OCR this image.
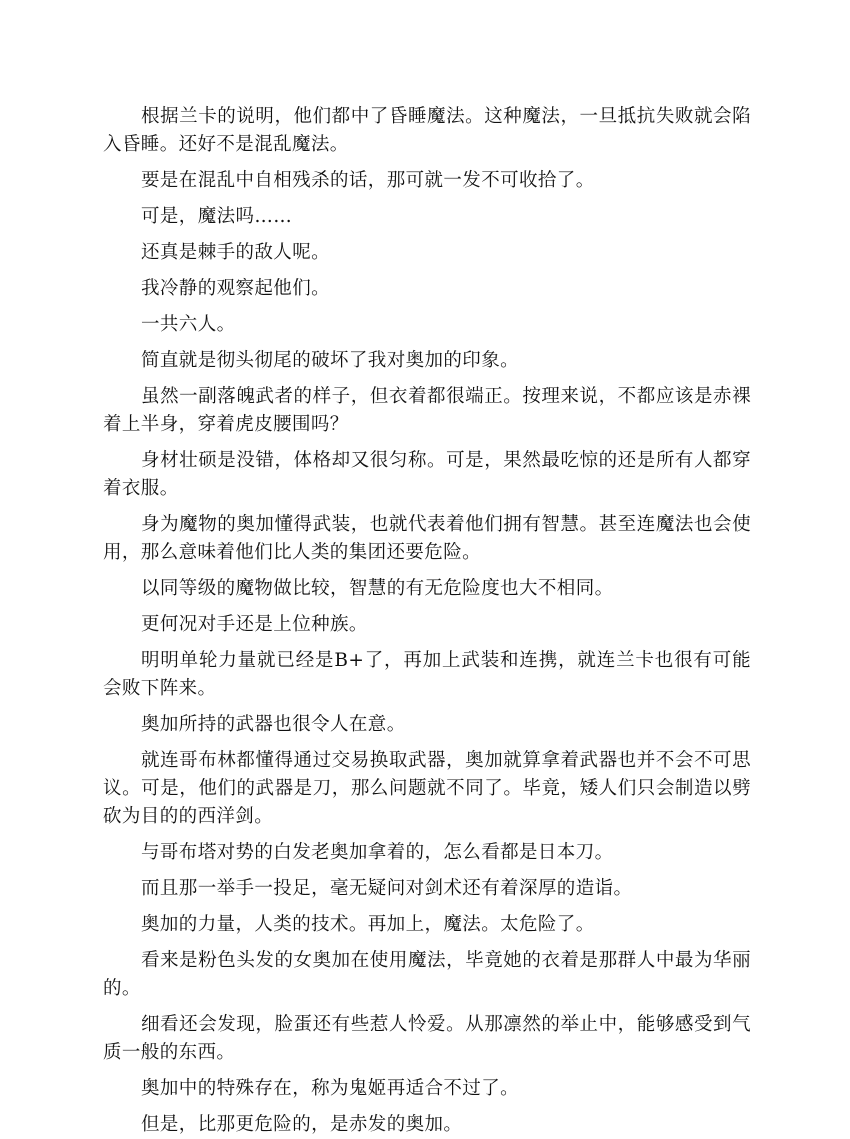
根据兰卡的说明，他们都中了昏睡魔法。这种魔法，一旦抵抗失败就会陷入昏睡。还好不是混乱魔法。

要是在混乱中自相残杀的话，那可就一发不可收拾了。

可是，魔法吗……

还真是棘手的敌人呢。

我冷静的观察起他们。

一共六人。

简直就是彻头彻尾的破坏了我对奥加的印象。

虽然一副落魄武者的样子，但衣着都很端正。按理来说，不都应该是赤裸着上半身，穿着虎皮腰围吗？

身材壮硕是没错，体格却又很匀称。可是，果然最吃惊的还是所有人都穿着衣服。

身为魔物的奥加懂得武装，也就代表着他们拥有智慧。甚至连魔法也会使用，那么意味着他们比人类的集团还要危险。

以同等级的魔物做比较，智慧的有无危险度也大不相同。

更何况对手还是上位种族。

明明单轮力量就已经是B+了，再加上武装和连携，就连兰卡也很有可能会败下阵来。

奥加所持的武器也很令人在意。

就连哥布林都懂得通过交易换取武器，奥加就算拿着武器也并不会不可思议。可是，他们的武器是刀，那么问题就不同了。毕竟，矮人们只会制造以劈砍为目的的西洋剑。

与哥布塔对势的白发老奥加拿着的，怎么看都是日本刀。

而且那一举手一投足，毫无疑问对剑术还有着深厚的造诣。

奥加的力量，人类的技术。再加上，魔法。太危险了。

看来是粉色头发的女奥加在使用魔法，毕竟她的衣着是那群人中最为华丽的。

细看还会发现，脸蛋还有些惹人怜爱。从那凛然的举止中，能够感受到气质一般的东西。

奥加中的特殊存在，称为鬼姬再适合不过了。

但是，比那更危险的，是赤发的奥加。
